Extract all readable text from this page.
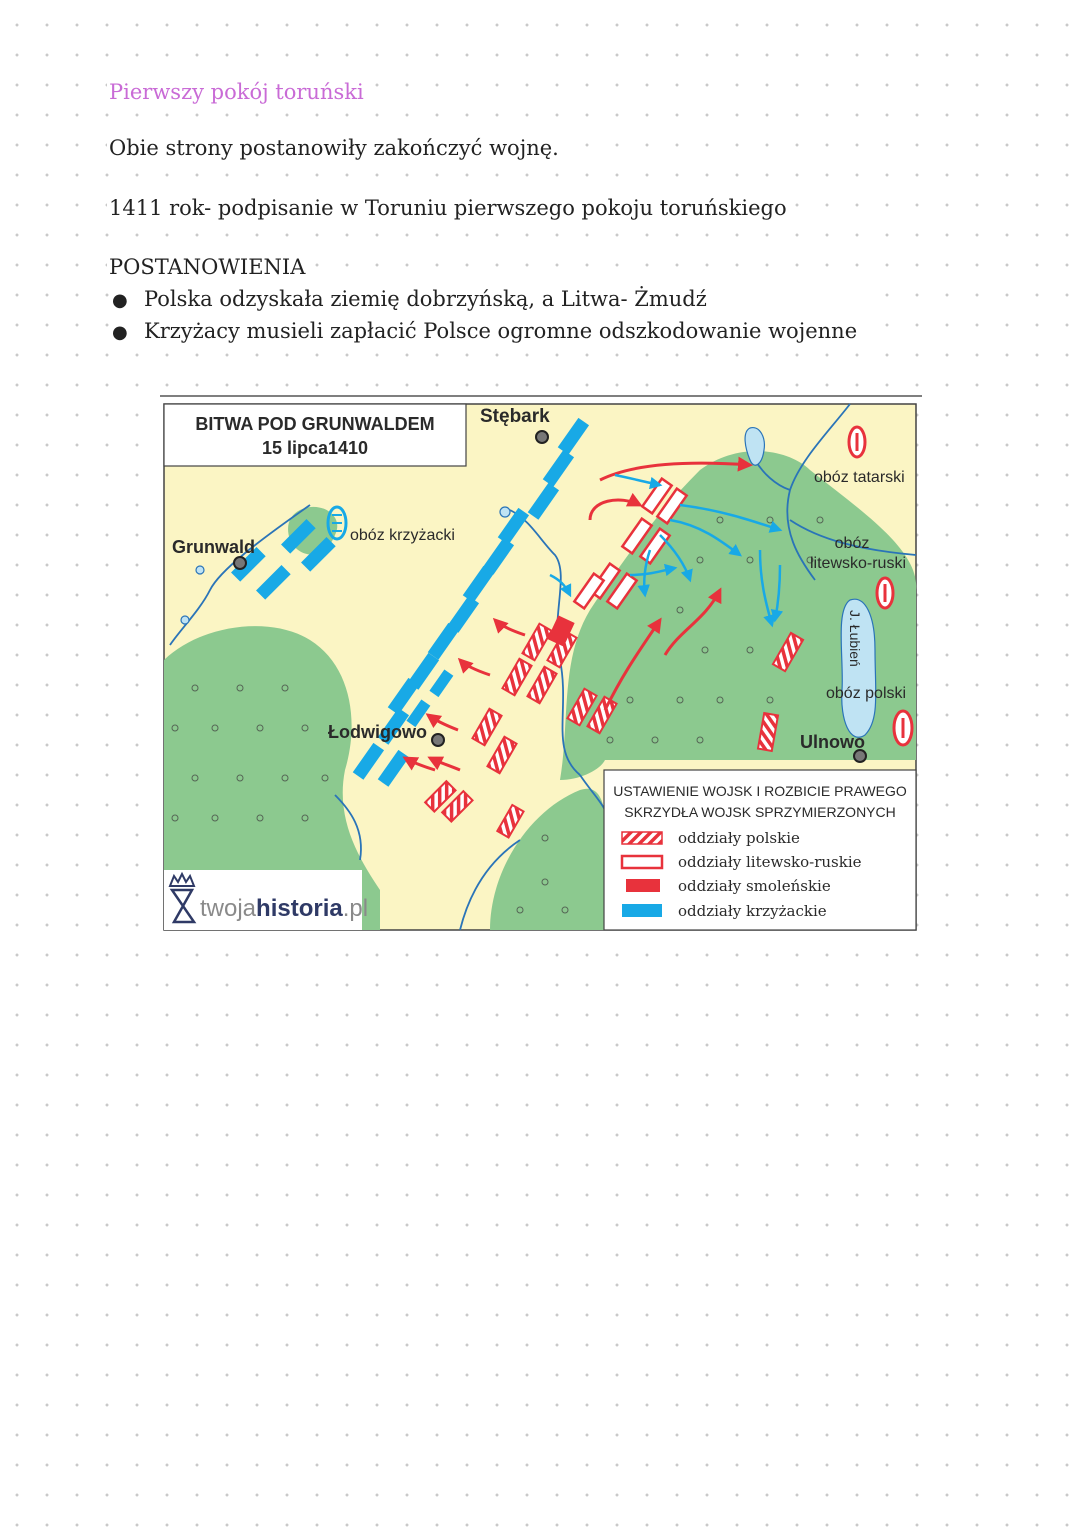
Pierwszy pokój toruński
Obie strony postanowiły zakończyć wojnę.
1411 rok- podpisanie w Toruniu pierwszego pokoju toruńskiego
POSTANOWIENIA
● Polska odzyskała ziemię dobrzyńską, a Litwa- Żmudź
● Krzyżacy musieli zapłacić Polsce ogromne odszkodowanie wojenne
BITWA POD GRUNWALDEM
15 lipca1410
Stębark
Grunwald
Łodwigowo	Ulnowo
obóz krzyżacki
obóz tatarski
obóz
litewsko-ruski
J. Łubień
obóz polski
USTAWIENIE WOJSK I ROZBICIE PRAWEGO
SKRZYDŁA WOJSK SPRZYMIERZONYCH
oddziały polskie
oddziały litewsko-ruskie
oddziały smoleńskie
oddziały krzyżackie
twojahistoria.pl
